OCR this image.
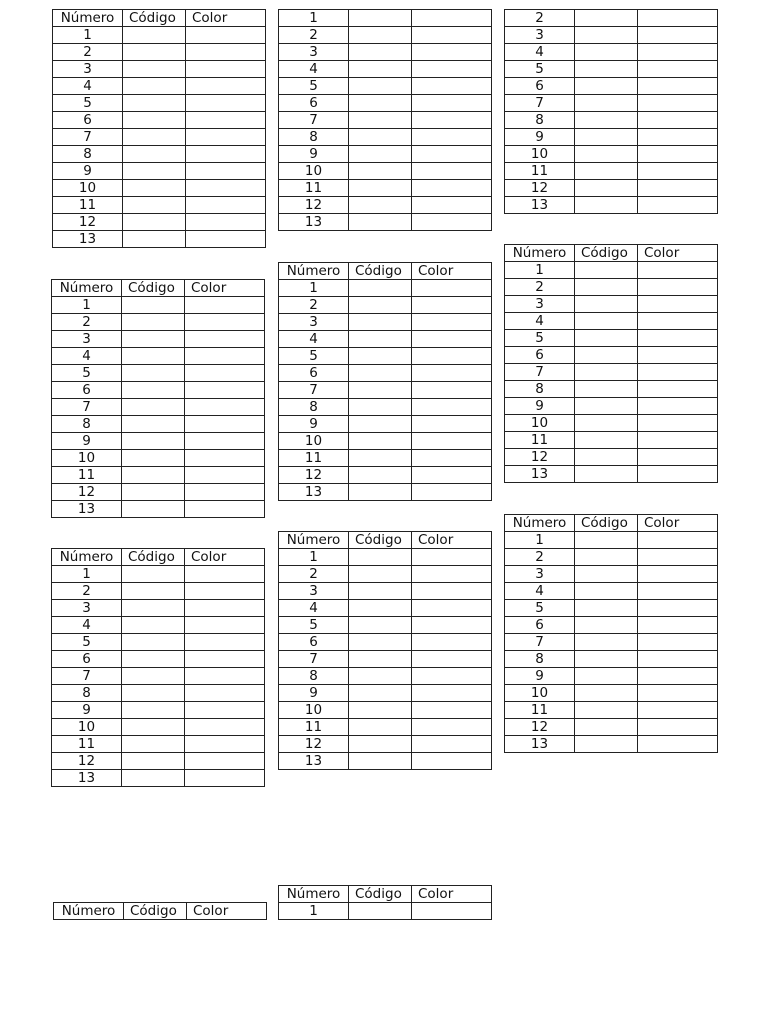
Número	Código	Color
1		
2		
3		
4		
5		
6		
7		
8		
9		
10		
11		
12		
13		
1		
2		
3		
4		
5		
6		
7		
8		
9		
10		
11		
12		
13		
2		
3		
4		
5		
6		
7		
8		
9		
10		
11		
12		
13		
Número	Código	Color
1		
2		
3		
4		
5		
6		
7		
8		
9		
10		
11		
12		
13		
Número	Código	Color
1		
2		
3		
4		
5		
6		
7		
8		
9		
10		
11		
12		
13		
Número	Código	Color
1		
2		
3		
4		
5		
6		
7		
8		
9		
10		
11		
12		
13		
Número	Código	Color
1		
2		
3		
4		
5		
6		
7		
8		
9		
10		
11		
12		
13		
Número	Código	Color
1		
2		
3		
4		
5		
6		
7		
8		
9		
10		
11		
12		
13		
Número	Código	Color
1		
2		
3		
4		
5		
6		
7		
8		
9		
10		
11		
12		
13		
Número	Código	Color
Número	Código	Color
1		
